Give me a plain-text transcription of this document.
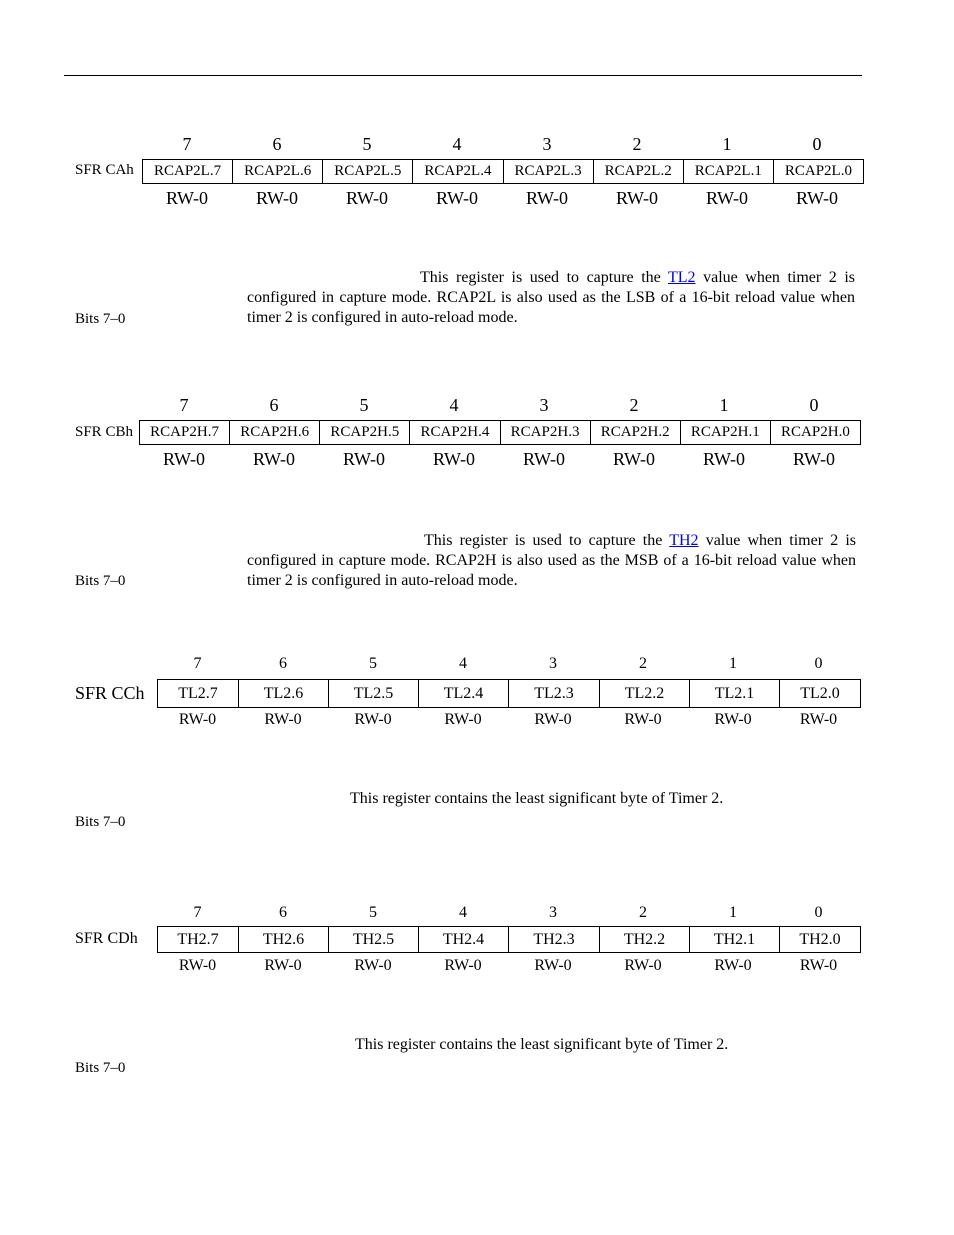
7	6	5	4	3	2	1	0
SFR CAh RCAP2L.7	RCAP2L.6	RCAP2L.5	RCAP2L.4	RCAP2L.3	RCAP2L.2	RCAP2L.1	RCAP2L.0
RW-0	RW-0	RW-0	RW-0	RW-0	RW-0	RW-0	RW-0

This register is used to capture the TL2 value when timer 2 is configured in capture mode. RCAP2L is also used as the LSB of a 16-bit reload value when timer 2 is configured in auto-reload mode.

Bits 7–0
7	6	5	4	3	2	1	0
SFR CBh RCAP2H.7	RCAP2H.6	RCAP2H.5	RCAP2H.4	RCAP2H.3	RCAP2H.2	RCAP2H.1	RCAP2H.0
RW-0	RW-0	RW-0	RW-0	RW-0	RW-0	RW-0	RW-0

This register is used to capture the TH2 value when timer 2 is configured in capture mode. RCAP2H is also used as the MSB of a 16-bit reload value when timer 2 is configured in auto-reload mode.

Bits 7–0
7	6	5	4	3	2	1	0
SFR CCh TL2.7	TL2.6	TL2.5	TL2.4	TL2.3	TL2.2	TL2.1	TL2.0
RW-0	RW-0	RW-0	RW-0	RW-0	RW-0	RW-0	RW-0
This register contains the least significant byte of Timer 2.
Bits 7–0
7	6	5	4	3	2	1	0
SFR CDh TH2.7	TH2.6	TH2.5	TH2.4	TH2.3	TH2.2	TH2.1	TH2.0
RW-0	RW-0	RW-0	RW-0	RW-0	RW-0	RW-0	RW-0
This register contains the least significant byte of Timer 2.
Bits 7–0
